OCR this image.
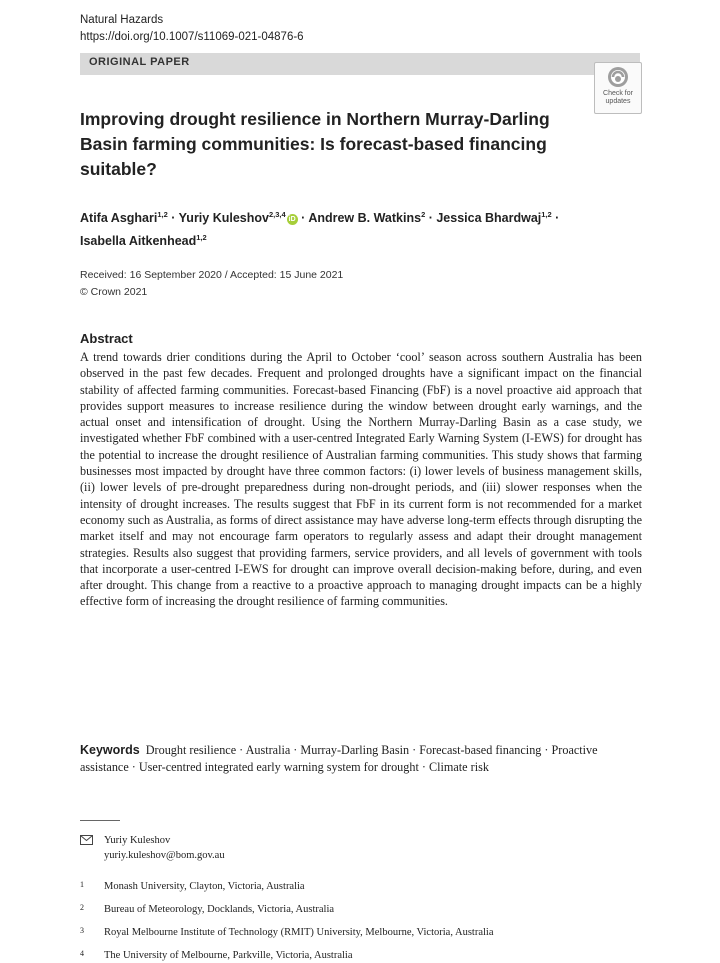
Natural Hazards
https://doi.org/10.1007/s11069-021-04876-6
ORIGINAL PAPER
Check for
updates
Improving drought resilience in Northern Murray-Darling
Basin farming communities: Is forecast-based financing
suitable?
Atifa Asghari$^{1,2}$ · Yuriy Kuleshov$^{2,3,4}$iD · Andrew B. Watkins$^2$ · Jessica Bhardwaj$^{1,2}$ ·
Isabella Aitkenhead$^{1,2}$
Received: 16 September 2020 / Accepted: 15 June 2021
© Crown 2021
Abstract
A trend towards drier conditions during the April to October ‘cool’ season across southern Australia has been observed in the past few decades. Frequent and prolonged droughts have a significant impact on the financial stability of affected farming communities. Forecast-based Financing (FbF) is a novel proactive aid approach that provides support measures to increase resilience during the window between drought early warnings, and the actual onset and intensification of drought. Using the Northern Murray-Darling Basin as a case study, we investigated whether FbF combined with a user-centred Integrated Early Warning System (I-EWS) for drought has the potential to increase the drought resilience of Australian farming communities. This study shows that farming businesses most impacted by drought have three common factors: (i) lower levels of business management skills, (ii) lower levels of pre-drought preparedness during non-drought periods, and (iii) slower responses when the intensity of drought increases. The results suggest that FbF in its current form is not recommended for a market economy such as Australia, as forms of direct assistance may have adverse long-term effects through disrupting the market itself and may not encourage farm operators to regularly assess and adapt their drought management strategies. Results also suggest that providing farmers, service providers, and all levels of government with tools that incorporate a user-centred I-EWS for drought can improve overall decision-making before, during, and even after drought. This change from a reactive to a proactive approach to managing drought impacts can be a highly effective form of increasing the drought resilience of farming communities.
Keywords Drought resilience · Australia · Murray-Darling Basin · Forecast-based financing · Proactive assistance · User-centred integrated early warning system for drought · Climate risk
Yuriy Kuleshov
yuriy.kuleshov@bom.gov.au
1 Monash University, Clayton, Victoria, Australia
2 Bureau of Meteorology, Docklands, Victoria, Australia
3 Royal Melbourne Institute of Technology (RMIT) University, Melbourne, Victoria, Australia
4 The University of Melbourne, Parkville, Victoria, Australia
